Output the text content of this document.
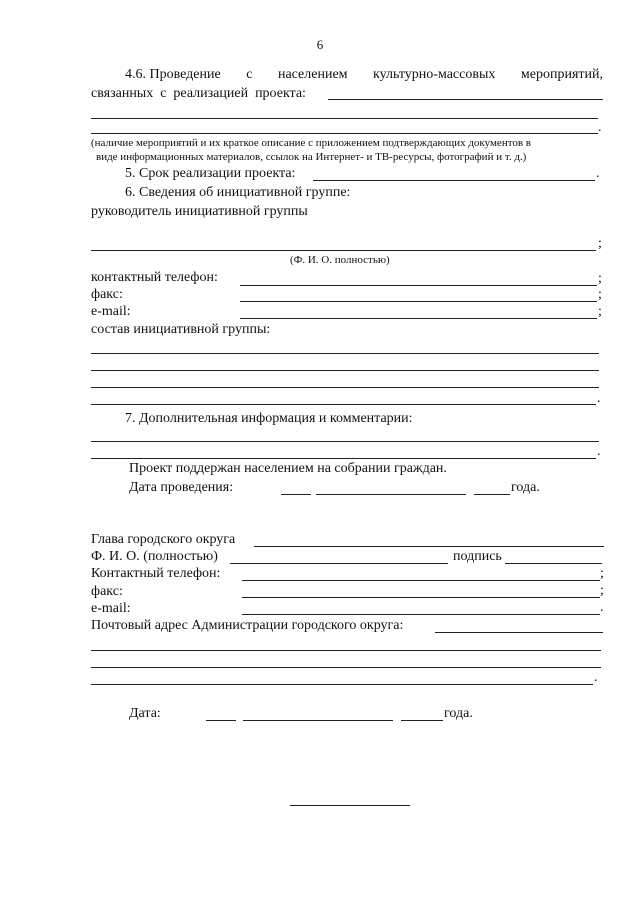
6
4.6. Проведение с населением культурно-массовых мероприятий,
связанных  с  реализацией  проекта:
.
(наличие мероприятий и их краткое описание с приложением подтверждающих документов в
виде информационных материалов, ссылок на Интернет- и ТВ-ресурсы, фотографий и т. д.)
5. Срок реализации проекта:	.
6. Сведения об инициативной группе:
руководитель инициативной группы
;
(Ф. И. О. полностью)
контактный телефон:	;
факс:	;
e-mail:	;
состав инициативной группы:
.
7. Дополнительная информация и комментарии:
.
Проект поддержан населением на собрании граждан.
Дата проведения:	года.
Глава городского округа
Ф. И. О. (полностью)	подпись
Контактный телефон:	;
факс:	;
e-mail:	.
Почтовый адрес Администрации городского округа:
.
Дата:	года.
